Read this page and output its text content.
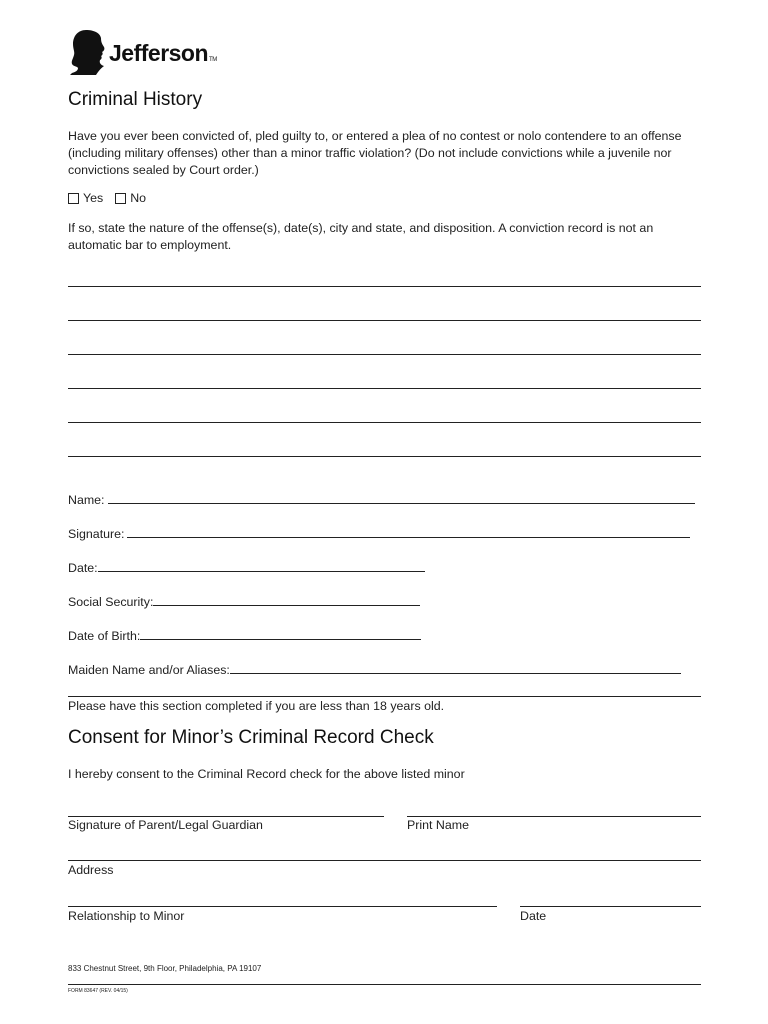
JeffersonTM
Criminal History

Have you ever been convicted of, pled guilty to, or entered a plea of no contest or nolo contendere to an offense (including military offenses) other than a minor traffic violation? (Do not include convictions while a juvenile nor convictions sealed by Court order.)

Yes No

If so, state the nature of the offense(s), date(s), city and state, and disposition. A conviction record is not an automatic bar to employment.

Name:
Signature:
Date:
Social Security:
Date of Birth:
Maiden Name and/or Aliases:
Please have this section completed if you are less than 18 years old.
Consent for Minor’s Criminal Record Check
I hereby consent to the Criminal Record check for the above listed minor
Signature of Parent/Legal Guardian	Print Name
Address
Relationship to Minor	Date
833 Chestnut Street, 9th Floor, Philadelphia, PA 19107
FORM 83647 (REV. 04/15)
